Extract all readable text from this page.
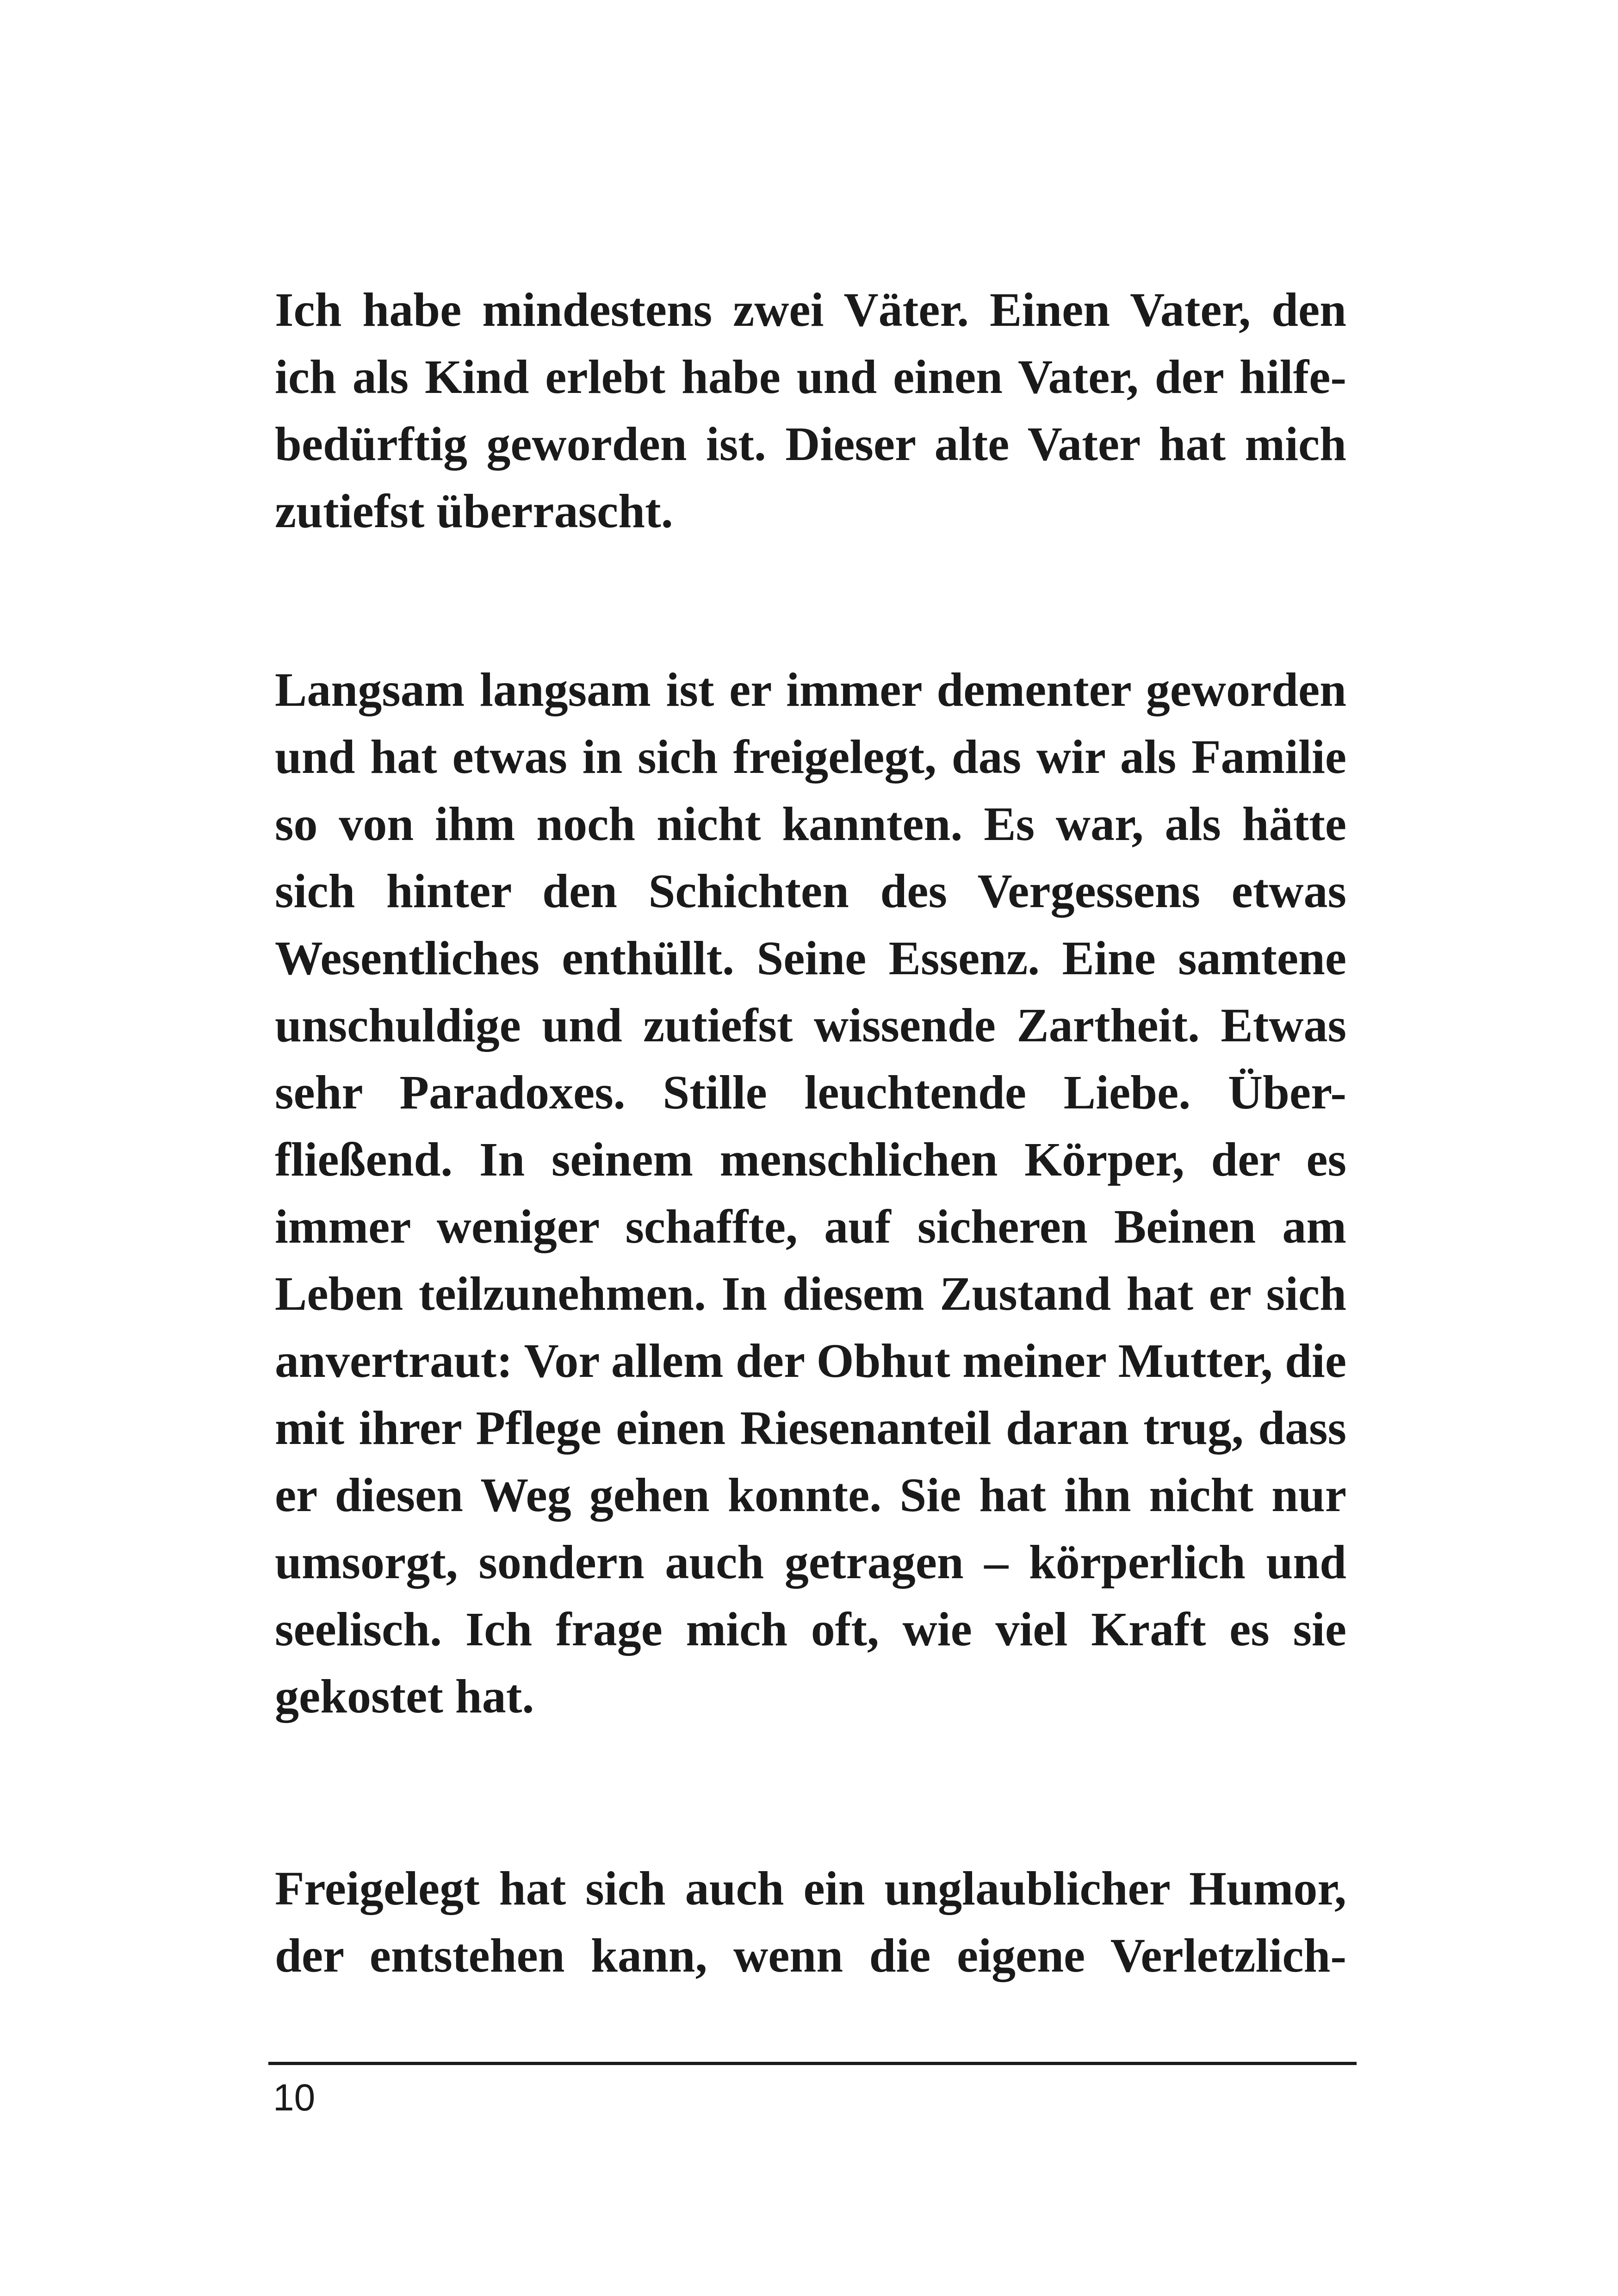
Ich habe mindestens zwei Väter. Einen Vater, den
ich als Kind erlebt habe und einen Vater, der hilfe-
bedürftig geworden ist. Dieser alte Vater hat mich
zutiefst überrascht.
Langsam langsam ist er immer dementer geworden
und hat etwas in sich freigelegt, das wir als Familie
so von ihm noch nicht kannten. Es war, als hätte
sich hinter den Schichten des Vergessens etwas
Wesentliches enthüllt. Seine Essenz. Eine samtene
unschuldige und zutiefst wissende Zartheit. Etwas
sehr Paradoxes. Stille leuchtende Liebe. Über-
fließend. In seinem menschlichen Körper, der es
immer weniger schaffte, auf sicheren Beinen am
Leben teilzunehmen. In diesem Zustand hat er sich
anvertraut: Vor allem der Obhut meiner Mutter, die
mit ihrer Pflege einen Riesenanteil daran trug, dass
er diesen Weg gehen konnte. Sie hat ihn nicht nur
umsorgt, sondern auch getragen – körperlich und
seelisch. Ich frage mich oft, wie viel Kraft es sie
gekostet hat.
Freigelegt hat sich auch ein unglaublicher Humor,
der entstehen kann, wenn die eigene Verletzlich-
10
